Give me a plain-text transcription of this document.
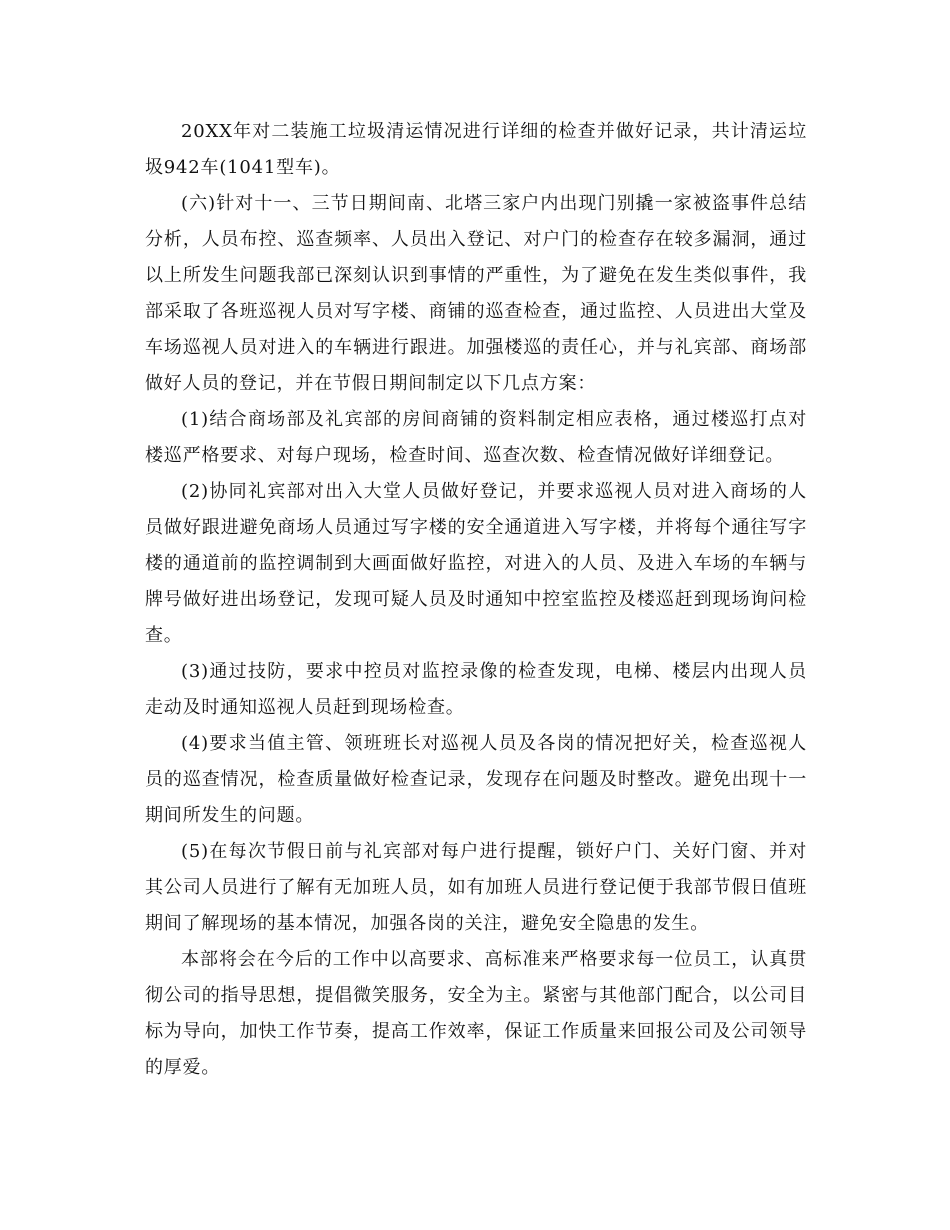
20XX年对二装施工垃圾清运情况进行详细的检查并做好记录，共计清运垃圾942车(1041型车)。

(六)针对十一、三节日期间南、北塔三家户内出现门别撬一家被盗事件总结分析，人员布控、巡查频率、人员出入登记、对户门的检查存在较多漏洞，通过以上所发生问题我部已深刻认识到事情的严重性，为了避免在发生类似事件，我部采取了各班巡视人员对写字楼、商铺的巡查检查，通过监控、人员进出大堂及车场巡视人员对进入的车辆进行跟进。加强楼巡的责任心，并与礼宾部、商场部做好人员的登记，并在节假日期间制定以下几点方案：

(1)结合商场部及礼宾部的房间商铺的资料制定相应表格，通过楼巡打点对楼巡严格要求、对每户现场，检查时间、巡查次数、检查情况做好详细登记。

(2)协同礼宾部对出入大堂人员做好登记，并要求巡视人员对进入商场的人员做好跟进避免商场人员通过写字楼的安全通道进入写字楼，并将每个通往写字楼的通道前的监控调制到大画面做好监控，对进入的人员、及进入车场的车辆与牌号做好进出场登记，发现可疑人员及时通知中控室监控及楼巡赶到现场询问检查。

(3)通过技防，要求中控员对监控录像的检查发现，电梯、楼层内出现人员走动及时通知巡视人员赶到现场检查。

(4)要求当值主管、领班班长对巡视人员及各岗的情况把好关，检查巡视人员的巡查情况，检查质量做好检查记录，发现存在问题及时整改。避免出现十一期间所发生的问题。

(5)在每次节假日前与礼宾部对每户进行提醒，锁好户门、关好门窗、并对其公司人员进行了解有无加班人员，如有加班人员进行登记便于我部节假日值班期间了解现场的基本情况，加强各岗的关注，避免安全隐患的发生。

本部将会在今后的工作中以高要求、高标准来严格要求每一位员工，认真贯彻公司的指导思想，提倡微笑服务，安全为主。紧密与其他部门配合，以公司目标为导向，加快工作节奏，提高工作效率，保证工作质量来回报公司及公司领导的厚爱。
